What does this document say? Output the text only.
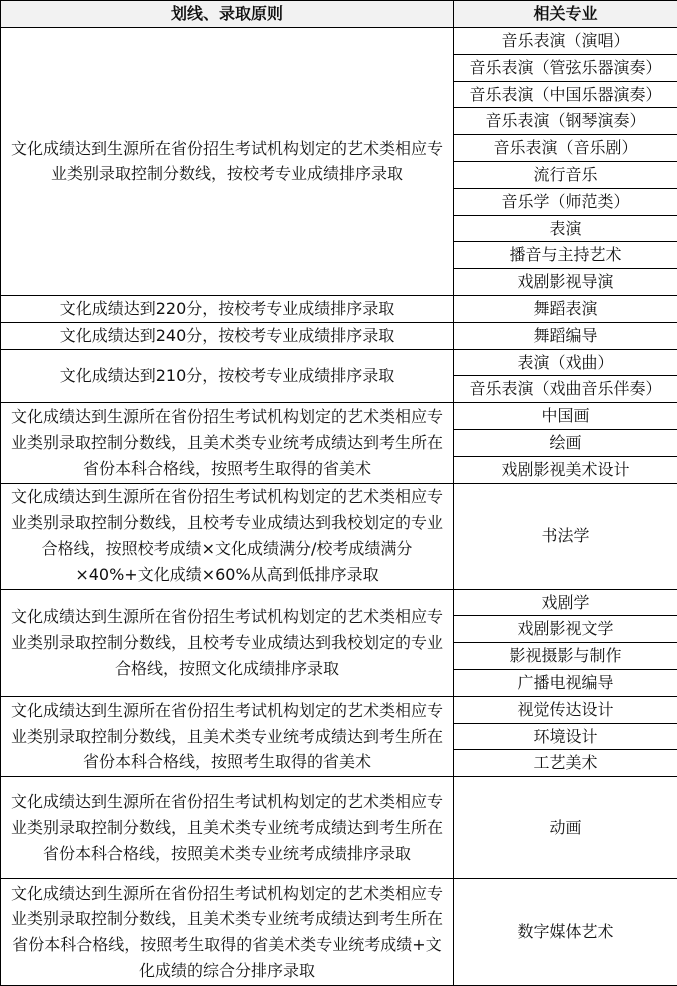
划线、录取原则	相关专业
文化成绩达到生源所在省份招生考试机构划定的艺术类相应专业类别录取控制分数线，按校考专业成绩排序录取	音乐表演（演唱）
	音乐表演（管弦乐器演奏）
	音乐表演（中国乐器演奏）
	音乐表演（钢琴演奏）
	音乐表演（音乐剧）
	流行音乐
	音乐学（师范类）
	表演
	播音与主持艺术
	戏剧影视导演
文化成绩达到220分，按校考专业成绩排序录取	舞蹈表演
文化成绩达到240分，按校考专业成绩排序录取	舞蹈编导
文化成绩达到210分，按校考专业成绩排序录取	表演（戏曲）
	音乐表演（戏曲音乐伴奏）
文化成绩达到生源所在省份招生考试机构划定的艺术类相应专业类别录取控制分数线，且美术类专业统考成绩达到考生所在省份本科合格线，按照考生取得的省美术	中国画
	绘画
	戏剧影视美术设计
文化成绩达到生源所在省份招生考试机构划定的艺术类相应专业类别录取控制分数线，且校考专业成绩达到我校划定的专业合格线，按照校考成绩×文化成绩满分/校考成绩满分×40%+文化成绩×60%从高到低排序录取	书法学
文化成绩达到生源所在省份招生考试机构划定的艺术类相应专业类别录取控制分数线，且校考专业成绩达到我校划定的专业合格线，按照文化成绩排序录取	戏剧学
	戏剧影视文学
	影视摄影与制作
	广播电视编导
文化成绩达到生源所在省份招生考试机构划定的艺术类相应专业类别录取控制分数线，且美术类专业统考成绩达到考生所在省份本科合格线，按照考生取得的省美术	视觉传达设计
	环境设计
	工艺美术
文化成绩达到生源所在省份招生考试机构划定的艺术类相应专业类别录取控制分数线，且美术类专业统考成绩达到考生所在省份本科合格线，按照美术类专业统考成绩排序录取	动画
文化成绩达到生源所在省份招生考试机构划定的艺术类相应专业类别录取控制分数线，且美术类专业统考成绩达到考生所在省份本科合格线，按照考生取得的省美术类专业统考成绩+文化成绩的综合分排序录取	数字媒体艺术
